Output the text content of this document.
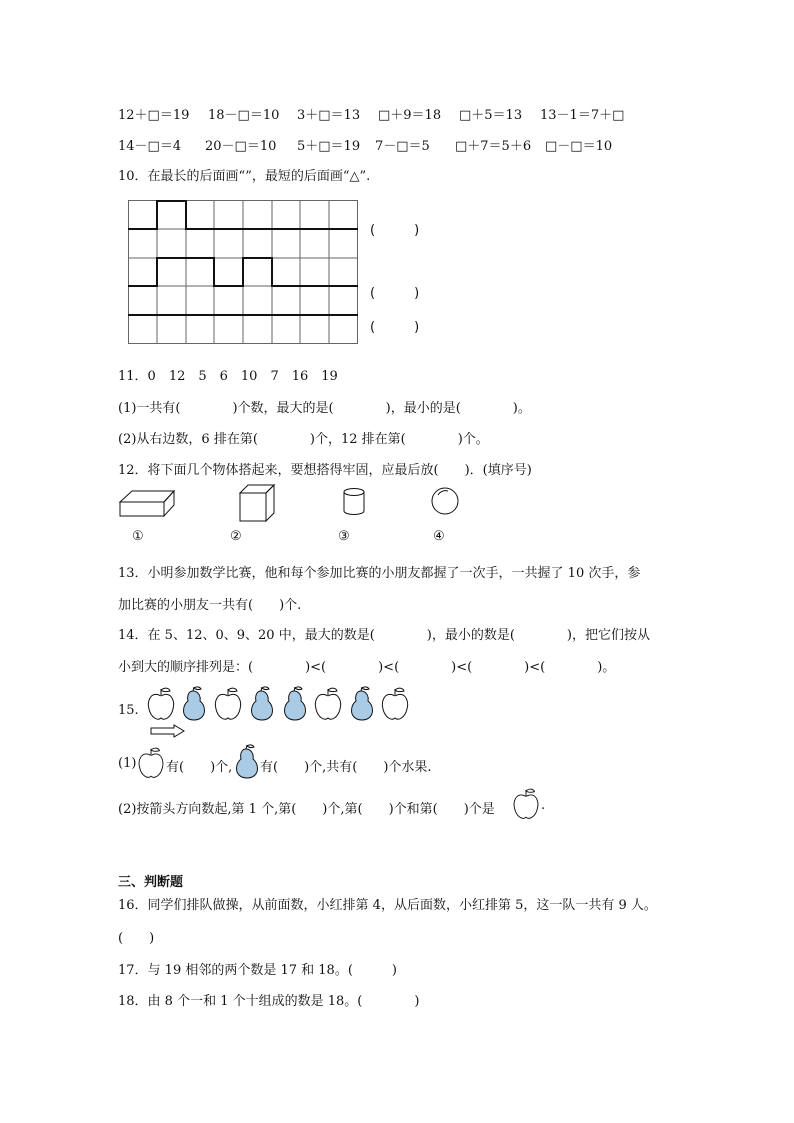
12＋□＝19 18－□＝10 3＋□＝13 □＋9＝18 □＋5＝13 13－1＝7＋□
14－□＝4 20－□＝10 5＋□＝19 7－□＝5 □＋7＝5＋6 □－□＝10
10．在最长的后面画“”，最短的后面画“△”.
(　　　)
(　　　)
(　　　)
11．0　12　5　6　10　7　16　19
(1)一共有(　　　　)个数，最大的是(　　　　)，最小的是(　　　　)。
(2)从右边数，6 排在第(　　　　)个，12 排在第(　　　　)个。
12．将下面几个物体搭起来，要想搭得牢固，应最后放(　　)．(填序号)
①	②	③	④
13．小明参加数学比赛，他和每个参加比赛的小朋友都握了一次手，一共握了 10 次手，参
加比赛的小朋友一共有(　　)个.
14．在 5、12、0、9、20 中，最大的数是(　　　　)，最小的数是(　　　　)，把它们按从
小到大的顺序排列是：(　　　　)<(　　　　)<(　　　　)<(　　　　)<(　　　　)。
15.
(1) 有(　　)个, 有(　　)个,共有(　　)个水果.
(2)按箭头方向数起,第 1 个,第(　　)个,第(　　)个和第(　　)个是	.
三、判断题
16．同学们排队做操，从前面数，小红排第 4，从后面数，小红排第 5，这一队一共有 9 人。
(　　)
17．与 19 相邻的两个数是 17 和 18。(　　　)
18．由 8 个一和 1 个十组成的数是 18。(　　　　)
